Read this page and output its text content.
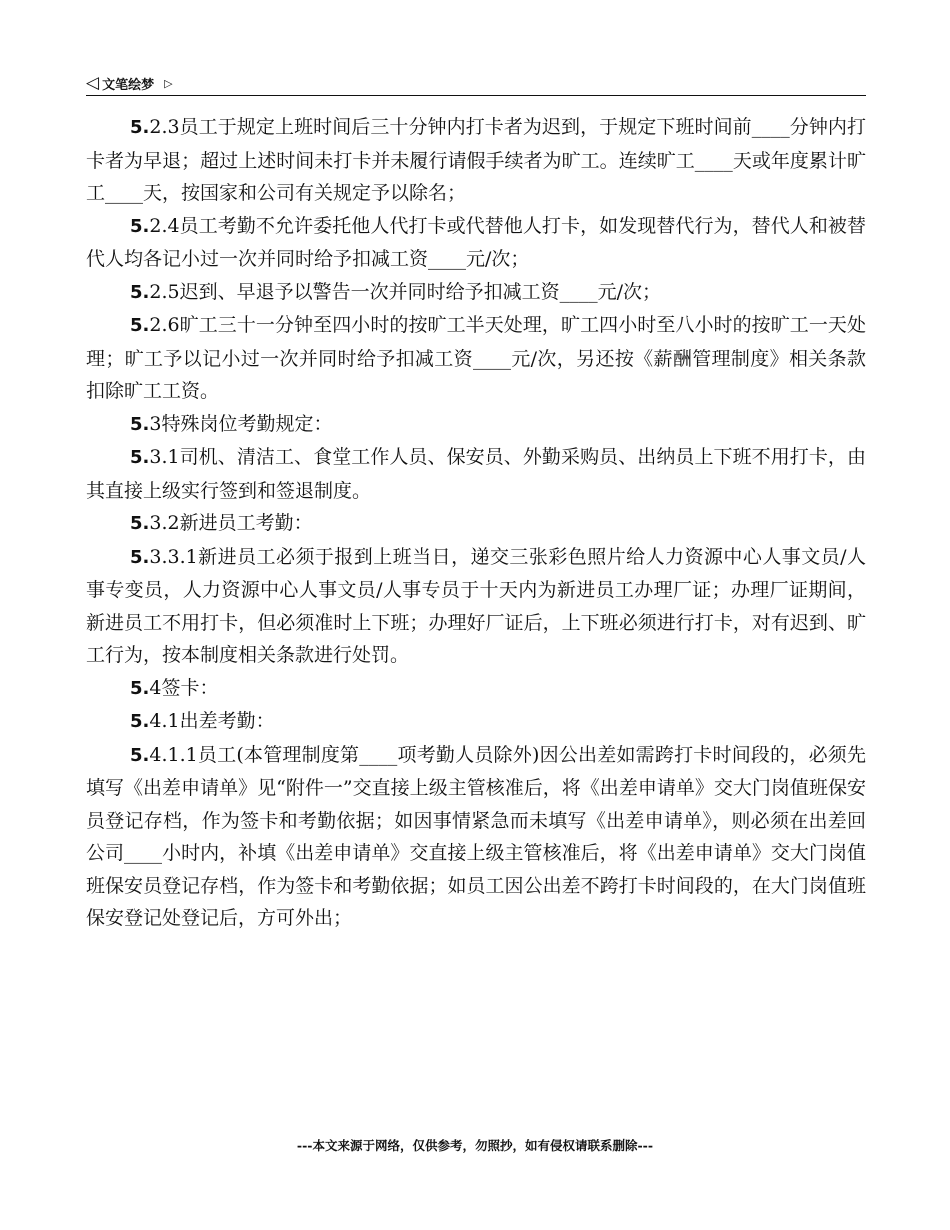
◁ 文笔绘梦 ▷

5.2.3员工于规定上班时间后三十分钟内打卡者为迟到，于规定下班时间前____分钟内打卡者为早退；超过上述时间未打卡并未履行请假手续者为旷工。连续旷工____天或年度累计旷工____天，按国家和公司有关规定予以除名；

5.2.4员工考勤不允许委托他人代打卡或代替他人打卡，如发现替代行为，替代人和被替代人均各记小过一次并同时给予扣减工资____元/次；

5.2.5迟到、早退予以警告一次并同时给予扣减工资____元/次；

5.2.6旷工三十一分钟至四小时的按旷工半天处理，旷工四小时至八小时的按旷工一天处理；旷工予以记小过一次并同时给予扣减工资____元/次，另还按《薪酬管理制度》相关条款扣除旷工工资。

5.3特殊岗位考勤规定：

5.3.1司机、清洁工、食堂工作人员、保安员、外勤采购员、出纳员上下班不用打卡，由其直接上级实行签到和签退制度。

5.3.2新进员工考勤：

5.3.3.1新进员工必须于报到上班当日，递交三张彩色照片给人力资源中心人事文员/人事专变员，人力资源中心人事文员/人事专员于十天内为新进员工办理厂证；办理厂证期间，新进员工不用打卡，但必须准时上下班；办理好厂证后，上下班必须进行打卡，对有迟到、旷工行为，按本制度相关条款进行处罚。

5.4签卡：

5.4.1出差考勤：

5.4.1.1员工(本管理制度第____项考勤人员除外)因公出差如需跨打卡时间段的，必须先填写《出差申请单》见“附件一”交直接上级主管核准后，将《出差申请单》交大门岗值班保安员登记存档，作为签卡和考勤依据；如因事情紧急而未填写《出差申请单》，则必须在出差回公司____小时内，补填《出差申请单》交直接上级主管核准后，将《出差申请单》交大门岗值班保安员登记存档，作为签卡和考勤依据；如员工因公出差不跨打卡时间段的，在大门岗值班保安登记处登记后，方可外出；

---本文来源于网络，仅供参考，勿照抄，如有侵权请联系删除---
